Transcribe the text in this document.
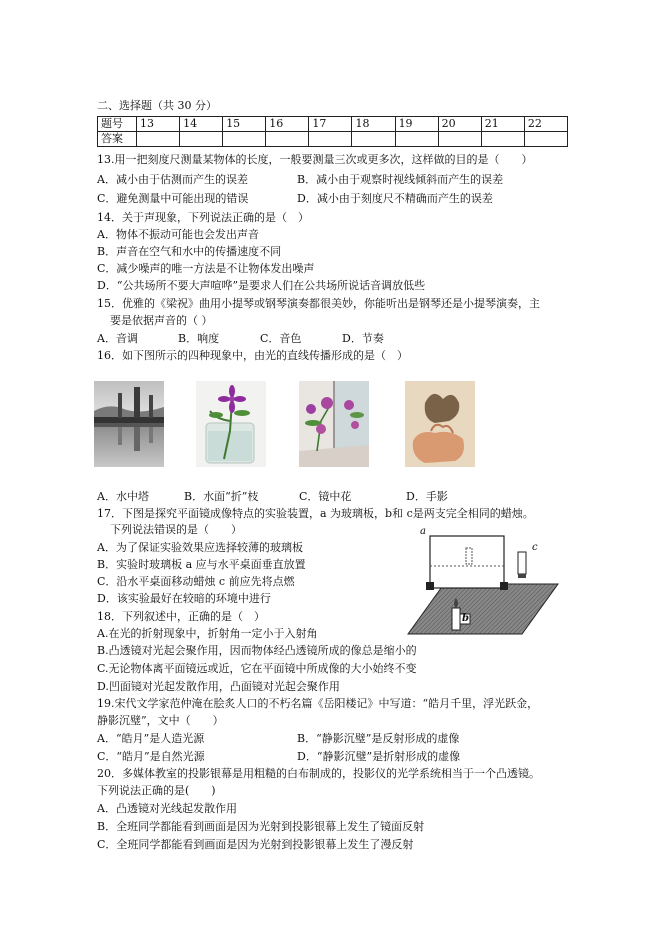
二、选择题（共 30 分）
题号	13	14	15	16	17	18	19	20	21	22
答案										
13.用一把刻度尺测量某物体的长度，一般要测量三次或更多次，这样做的目的是（　　）
A．减小由于估测而产生的误差	B．减小由于观察时视线倾斜而产生的误差
C．避免测量中可能出现的错误	D．减小由于刻度尺不精确而产生的误差
14．关于声现象，下列说法正确的是（　）
A．物体不振动可能也会发出声音
B．声音在空气和水中的传播速度不同
C．减少噪声的唯一方法是不让物体发出噪声
D．“公共场所不要大声喧哗”是要求人们在公共场所说话音调放低些
15．优雅的《梁祝》曲用小提琴或钢琴演奏都很美妙，你能听出是钢琴还是小提琴演奏，主
要是依据声音的（ ）
A．音调	B．响度	C．音色	D．节奏
16．如下图所示的四种现象中，由光的直线传播形成的是（　）
A．水中塔	B．水面“折”枝	C．镜中花	D．手影
17．下图是探究平面镜成像特点的实验装置，a 为玻璃板，b和 c是两支完全相同的蜡烛。
下列说法错误的是（　　）
A．为了保证实验效果应选择较薄的玻璃板
B．实验时玻璃板 a 应与水平桌面垂直放置
C．沿水平桌面移动蜡烛 c 前应先将点燃
D．该实验最好在较暗的环境中进行
a
b
c
18．下列叙述中，正确的是（　）
A.在光的折射现象中，折射角一定小于入射角
B.凸透镜对光起会聚作用，因而物体经凸透镜所成的像总是缩小的
C.无论物体离平面镜远或近，它在平面镜中所成像的大小始终不变
D.凹面镜对光起发散作用，凸面镜对光起会聚作用
19.宋代文学家范仲淹在脍炙人口的不朽名篇《岳阳楼记》中写道：“皓月千里，浮光跃金，
静影沉璧”，文中（　　）
A．“皓月”是人造光源	B．“静影沉璧”是反射形成的虚像
C．“皓月”是自然光源	D．“静影沉璧”是折射形成的虚像
20．多媒体教室的投影银幕是用粗糙的白布制成的，投影仪的光学系统相当于一个凸透镜。
下列说法正确的是(　　)
A．凸透镜对光线起发散作用
B．全班同学都能看到画面是因为光射到投影银幕上发生了镜面反射
C．全班同学都能看到画面是因为光射到投影银幕上发生了漫反射
